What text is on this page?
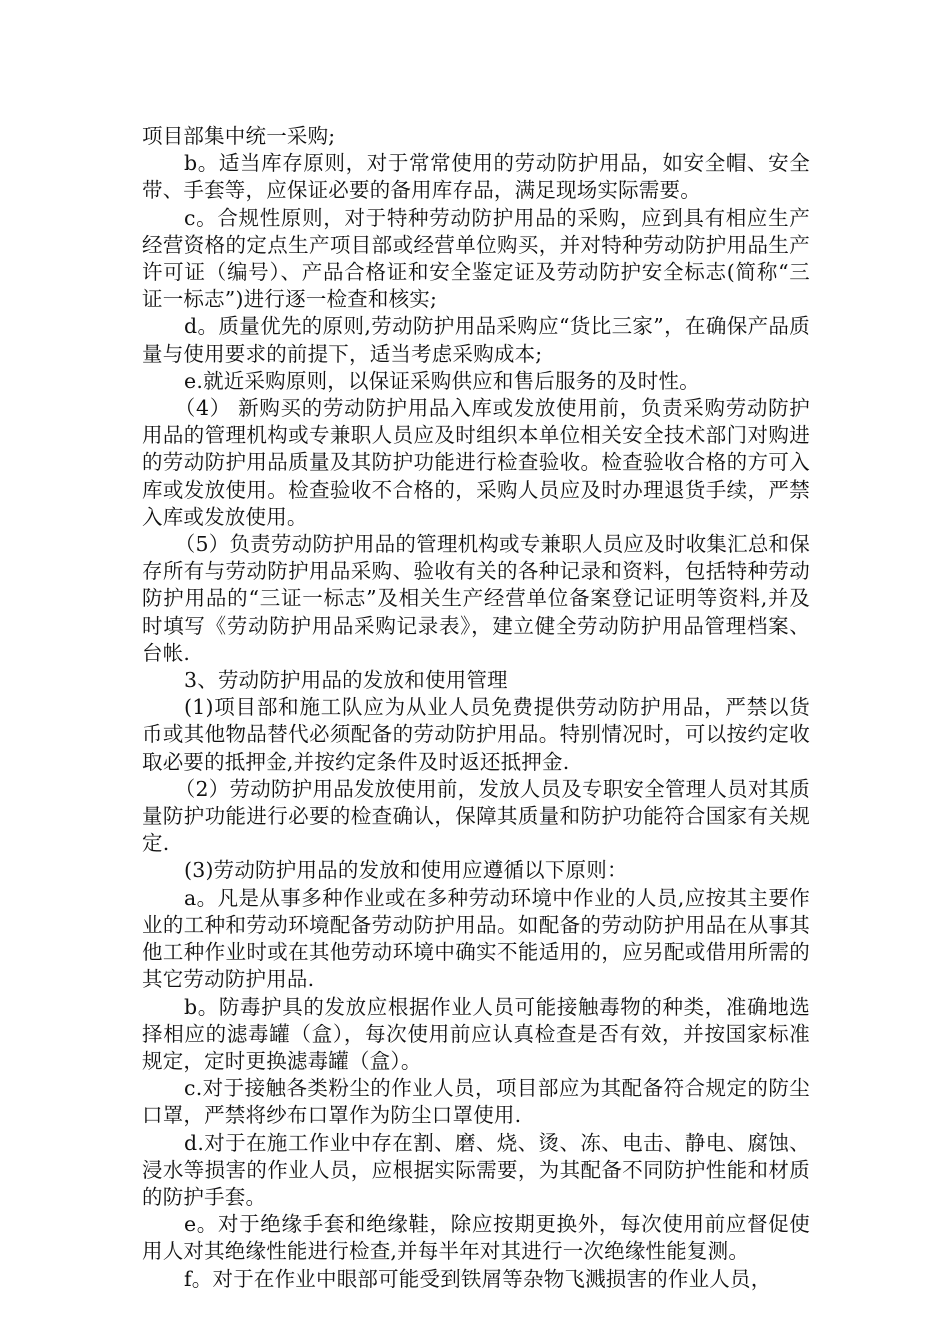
项目部集中统一采购;

b。适当库存原则，对于常常使用的劳动防护用品，如安全帽、安全带、手套等，应保证必要的备用库存品，满足现场实际需要。

c。合规性原则，对于特种劳动防护用品的采购，应到具有相应生产经营资格的定点生产项目部或经营单位购买，并对特种劳动防护用品生产许可证（编号）、产品合格证和安全鉴定证及劳动防护安全标志(简称“三证一标志”)进行逐一检查和核实;

d。质量优先的原则,劳动防护用品采购应“货比三家”，在确保产品质量与使用要求的前提下，适当考虑采购成本;

e.就近采购原则，以保证采购供应和售后服务的及时性。

（4） 新购买的劳动防护用品入库或发放使用前，负责采购劳动防护用品的管理机构或专兼职人员应及时组织本单位相关安全技术部门对购进的劳动防护用品质量及其防护功能进行检查验收。检查验收合格的方可入库或发放使用。检查验收不合格的，采购人员应及时办理退货手续，严禁入库或发放使用。

（5）负责劳动防护用品的管理机构或专兼职人员应及时收集汇总和保存所有与劳动防护用品采购、验收有关的各种记录和资料，包括特种劳动防护用品的“三证一标志”及相关生产经营单位备案登记证明等资料,并及时填写《劳动防护用品采购记录表》，建立健全劳动防护用品管理档案、台帐.

3、劳动防护用品的发放和使用管理

(1)项目部和施工队应为从业人员免费提供劳动防护用品，严禁以货币或其他物品替代必须配备的劳动防护用品。特别情况时，可以按约定收取必要的抵押金,并按约定条件及时返还抵押金.

（2）劳动防护用品发放使用前，发放人员及专职安全管理人员对其质量防护功能进行必要的检查确认，保障其质量和防护功能符合国家有关规定.

(3)劳动防护用品的发放和使用应遵循以下原则：

a。凡是从事多种作业或在多种劳动环境中作业的人员,应按其主要作业的工种和劳动环境配备劳动防护用品。如配备的劳动防护用品在从事其他工种作业时或在其他劳动环境中确实不能适用的，应另配或借用所需的其它劳动防护用品.

b。防毒护具的发放应根据作业人员可能接触毒物的种类，准确地选择相应的滤毒罐（盒），每次使用前应认真检查是否有效，并按国家标准规定，定时更换滤毒罐（盒）。

c.对于接触各类粉尘的作业人员，项目部应为其配备符合规定的防尘口罩，严禁将纱布口罩作为防尘口罩使用.

d.对于在施工作业中存在割、磨、烧、烫、冻、电击、静电、腐蚀、浸水等损害的作业人员，应根据实际需要，为其配备不同防护性能和材质的防护手套。

e。对于绝缘手套和绝缘鞋，除应按期更换外，每次使用前应督促使用人对其绝缘性能进行检查,并每半年对其进行一次绝缘性能复测。

f。对于在作业中眼部可能受到铁屑等杂物飞溅损害的作业人员，
